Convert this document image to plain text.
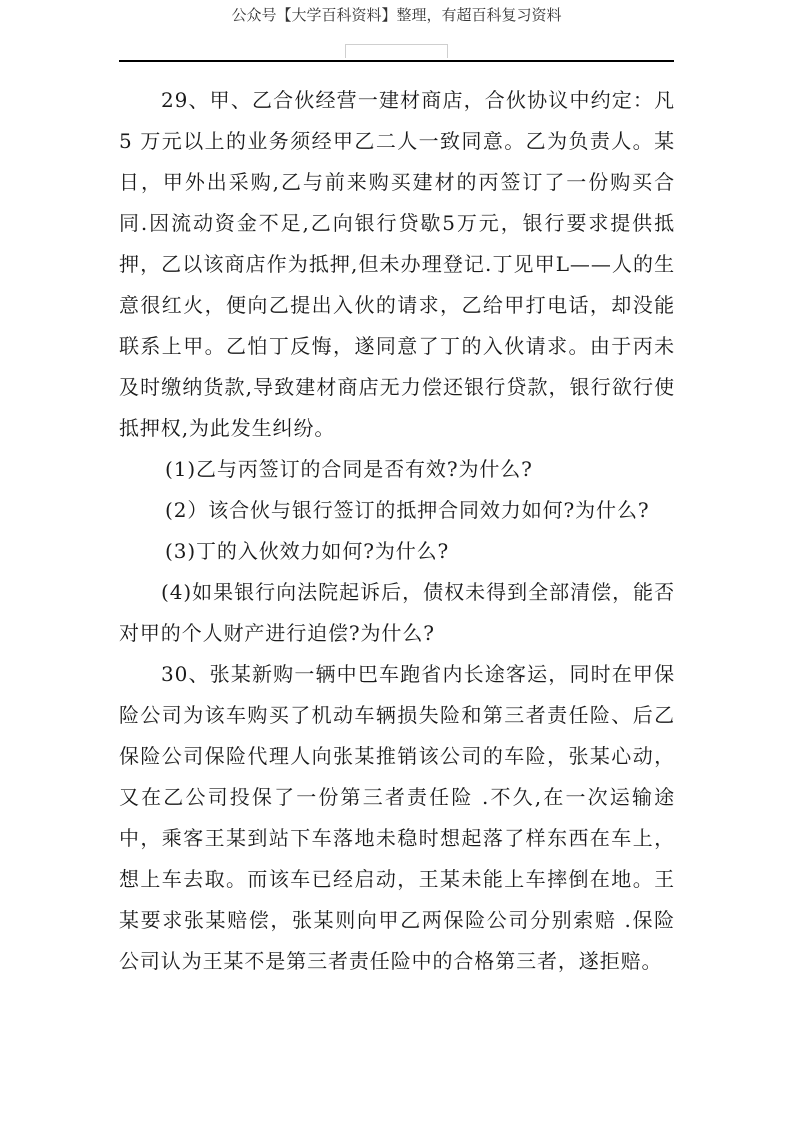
公众号【大学百科资料】整理，有超百科复习资料

29、甲、乙合伙经营一建材商店，合伙协议中约定：凡5 万元以上的业务须经甲乙二人一致同意。乙为负责人。某日，甲外出采购,乙与前来购买建材的丙签订了一份购买合同.因流动资金不足,乙向银行贷歇5万元，银行要求提供抵押，乙以该商店作为抵押,但未办理登记.丁见甲L——人的生意很红火，便向乙提出入伙的请求，乙给甲打电话，却没能联系上甲。乙怕丁反悔，遂同意了丁的入伙请求。由于丙未及时缴纳货款,导致建材商店无力偿还银行贷款，银行欲行使抵押权,为此发生纠纷。

(1)乙与丙签订的合同是否有效?为什么?

(2）该合伙与银行签订的抵押合同效力如何?为什么?

(3)丁的入伙效力如何?为什么?

(4)如果银行向法院起诉后，债权未得到全部清偿，能否对甲的个人财产进行迫偿?为什么?

30、张某新购一辆中巴车跑省内长途客运，同时在甲保险公司为该车购买了机动车辆损失险和第三者责任险、后乙保险公司保险代理人向张某推销该公司的车险，张某心动，又在乙公司投保了一份第三者责任险 .不久,在一次运输途中，乘客王某到站下车落地未稳时想起落了样东西在车上，想上车去取。而该车已经启动，王某未能上车摔倒在地。王某要求张某赔偿，张某则向甲乙两保险公司分别索赔 .保险公司认为王某不是第三者责任险中的合格第三者，遂拒赔。
